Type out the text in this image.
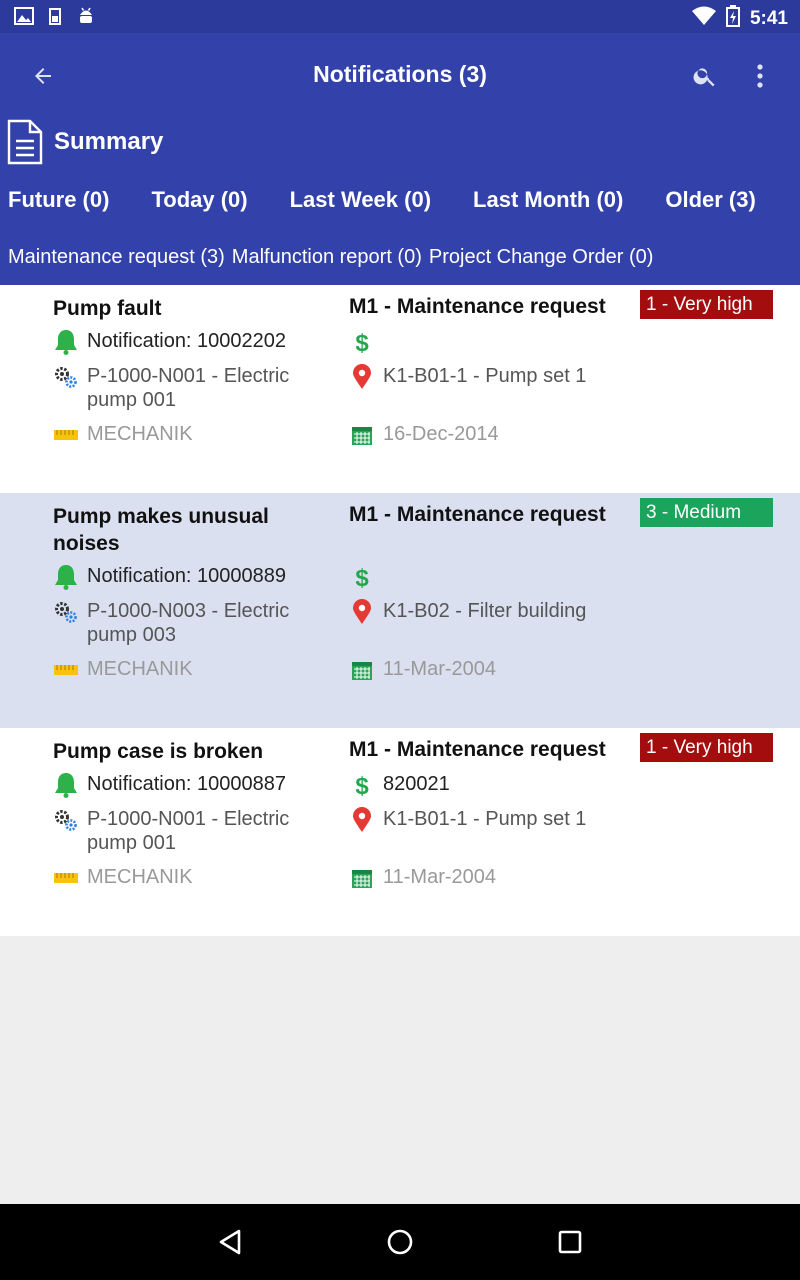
5:41
Notifications (3)
Summary
Future (0) Today (0) Last Week (0) Last Month (0) Older (3)
Maintenance request (3) Malfunction report (0) Project Change Order (0)
Pump fault	M1 - Maintenance request	1 - Very high
Notification: 10002202	$
P-1000-N001 - Electric pump 001
K1-B01-1 - Pump set 1
MECHANIK	16-Dec-2014
Pump makes unusual noises
M1 - Maintenance request	3 - Medium
Notification: 10000889	$
P-1000-N003 - Electric pump 003
K1-B02 - Filter building
MECHANIK	11-Mar-2004
Pump case is broken	M1 - Maintenance request	1 - Very high
Notification: 10000887	$ 820021
P-1000-N001 - Electric pump 001
K1-B01-1 - Pump set 1
MECHANIK	11-Mar-2004
